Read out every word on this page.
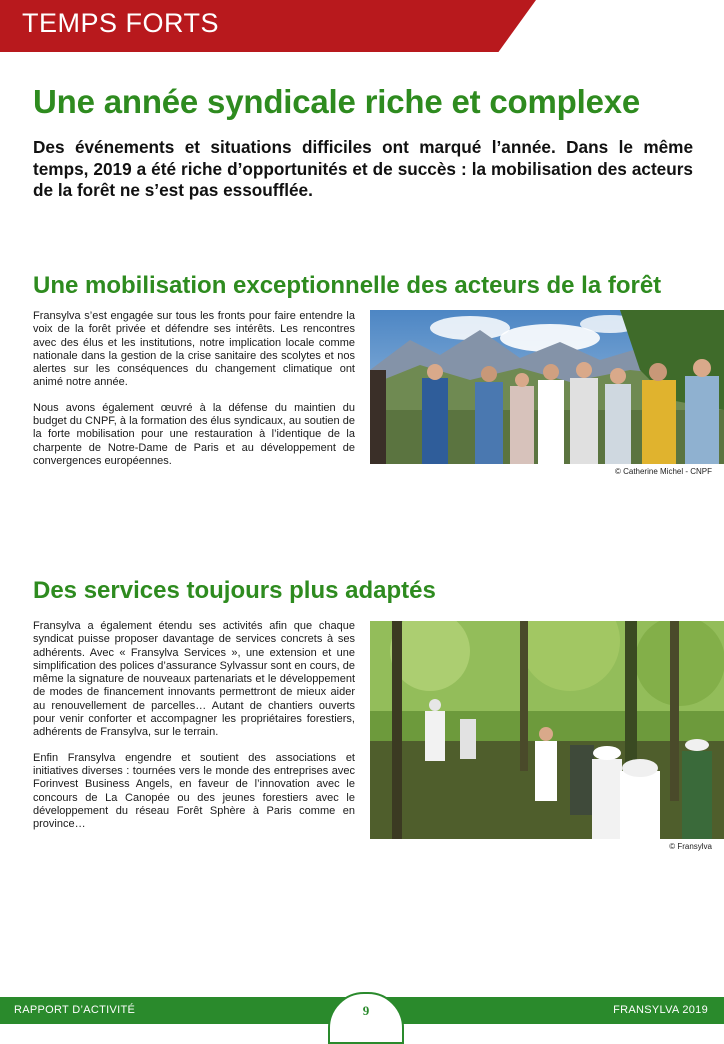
TEMPS FORTS
Une année syndicale riche et complexe

Des événements et situations difficiles ont marqué l’année. Dans le même temps, 2019 a été riche d’opportunités et de succès : la mobilisation des acteurs de la forêt ne s’est pas essoufflée.

Une mobilisation exceptionnelle des acteurs de la forêt

Fransylva s’est engagée sur tous les fronts pour faire entendre la voix de la forêt privée et défendre ses intérêts. Les rencontres avec des élus et les institutions, notre implication locale comme nationale dans la gestion de la crise sanitaire des scolytes et nos alertes sur les conséquences du changement climatique ont animé notre année.

Nous avons également œuvré à la défense du maintien du budget du CNPF, à la formation des élus syndicaux, au soutien de la forte mobilisation pour une restauration à l’identique de la charpente de Notre-Dame de Paris et au développement de convergences européennes.

© Catherine Michel - CNPF
Des services toujours plus adaptés

Fransylva a également étendu ses activités afin que chaque syndicat puisse proposer davantage de services concrets à ses adhérents. Avec « Fransylva Services », une extension et une simplification des polices d’assurance Sylvassur sont en cours, de même la signature de nouveaux partenariats et le développement de modes de financement innovants permettront de mieux aider au renouvellement de parcelles… Autant de chantiers ouverts pour venir conforter et accompagner les propriétaires forestiers, adhérents de Fransylva, sur le terrain.

Enfin Fransylva engendre et soutient des associations et initiatives diverses : tournées vers le monde des entreprises avec Forinvest Business Angels, en faveur de l’innovation avec le concours de La Canopée ou des jeunes forestiers avec le développement du réseau Forêt Sphère à Paris comme en province…

© Fransylva
RAPPORT D’ACTIVITÉ	FRANSYLVA 2019
9
